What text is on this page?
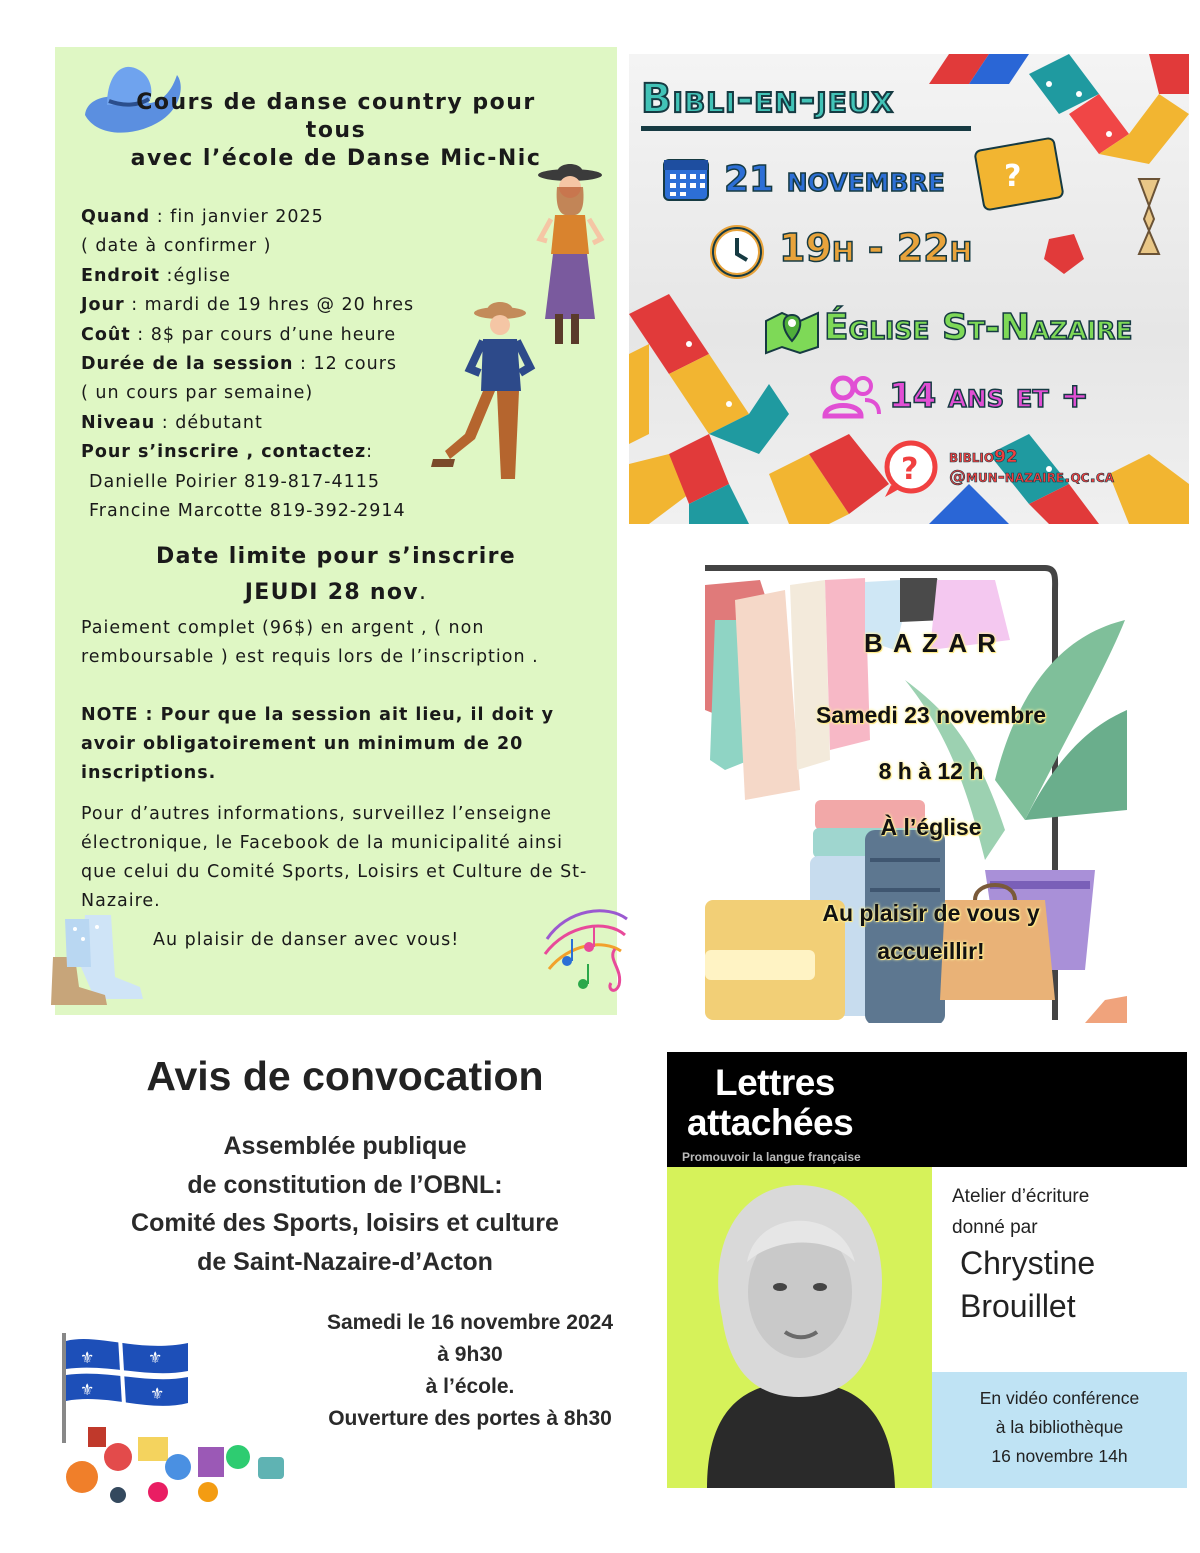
Cours de danse country pour
tous
avec l’école de Danse Mic-Nic
Quand : fin janvier 2025
( date à confirmer )
Endroit :église
Jour : mardi de 19 hres @ 20 hres
Coût : 8$ par cours d’une heure
Durée de la session : 12 cours
( un cours par semaine)
Niveau : débutant
Pour s’inscrire , contactez:
Danielle Poirier 819-817-4115
Francine Marcotte 819-392-2914
Date limite pour s’inscrire
JEUDI 28 nov.
Paiement complet (96$) en argent , ( non remboursable ) est requis lors de l’inscription .
NOTE : Pour que la session ait lieu, il doit y avoir obligatoirement un minimum de 20 inscriptions.
Pour d’autres informations, surveillez l’enseigne électronique, le Facebook de la municipalité ainsi que celui du Comité Sports, Loisirs et Culture de St-Nazaire.
Au plaisir de danser avec vous!
?
Bibli-en-jeux
21 novembre
19h - 22h
Église St-Nazaire
14 ans et +
? biblio92
@mun-nazaire.qc.ca
B A Z A R
Samedi 23 novembre
8 h à 12 h
À l’église
Au plaisir de vous y
accueillir!
Avis de convocation
Assemblée publique
de constitution de l’OBNL:
Comité des Sports, loisirs et culture
de Saint-Nazaire-d’Acton
Samedi le 16 novembre 2024
à 9h30
à l’école.
Ouverture des portes à 8h30
⚜	⚜
⚜	⚜
Lettres
attachées
Promouvoir la langue française
Atelier d’écriture
donné par
Chrystine
Brouillet
En vidéo conférence
à la bibliothèque
16 novembre 14h
